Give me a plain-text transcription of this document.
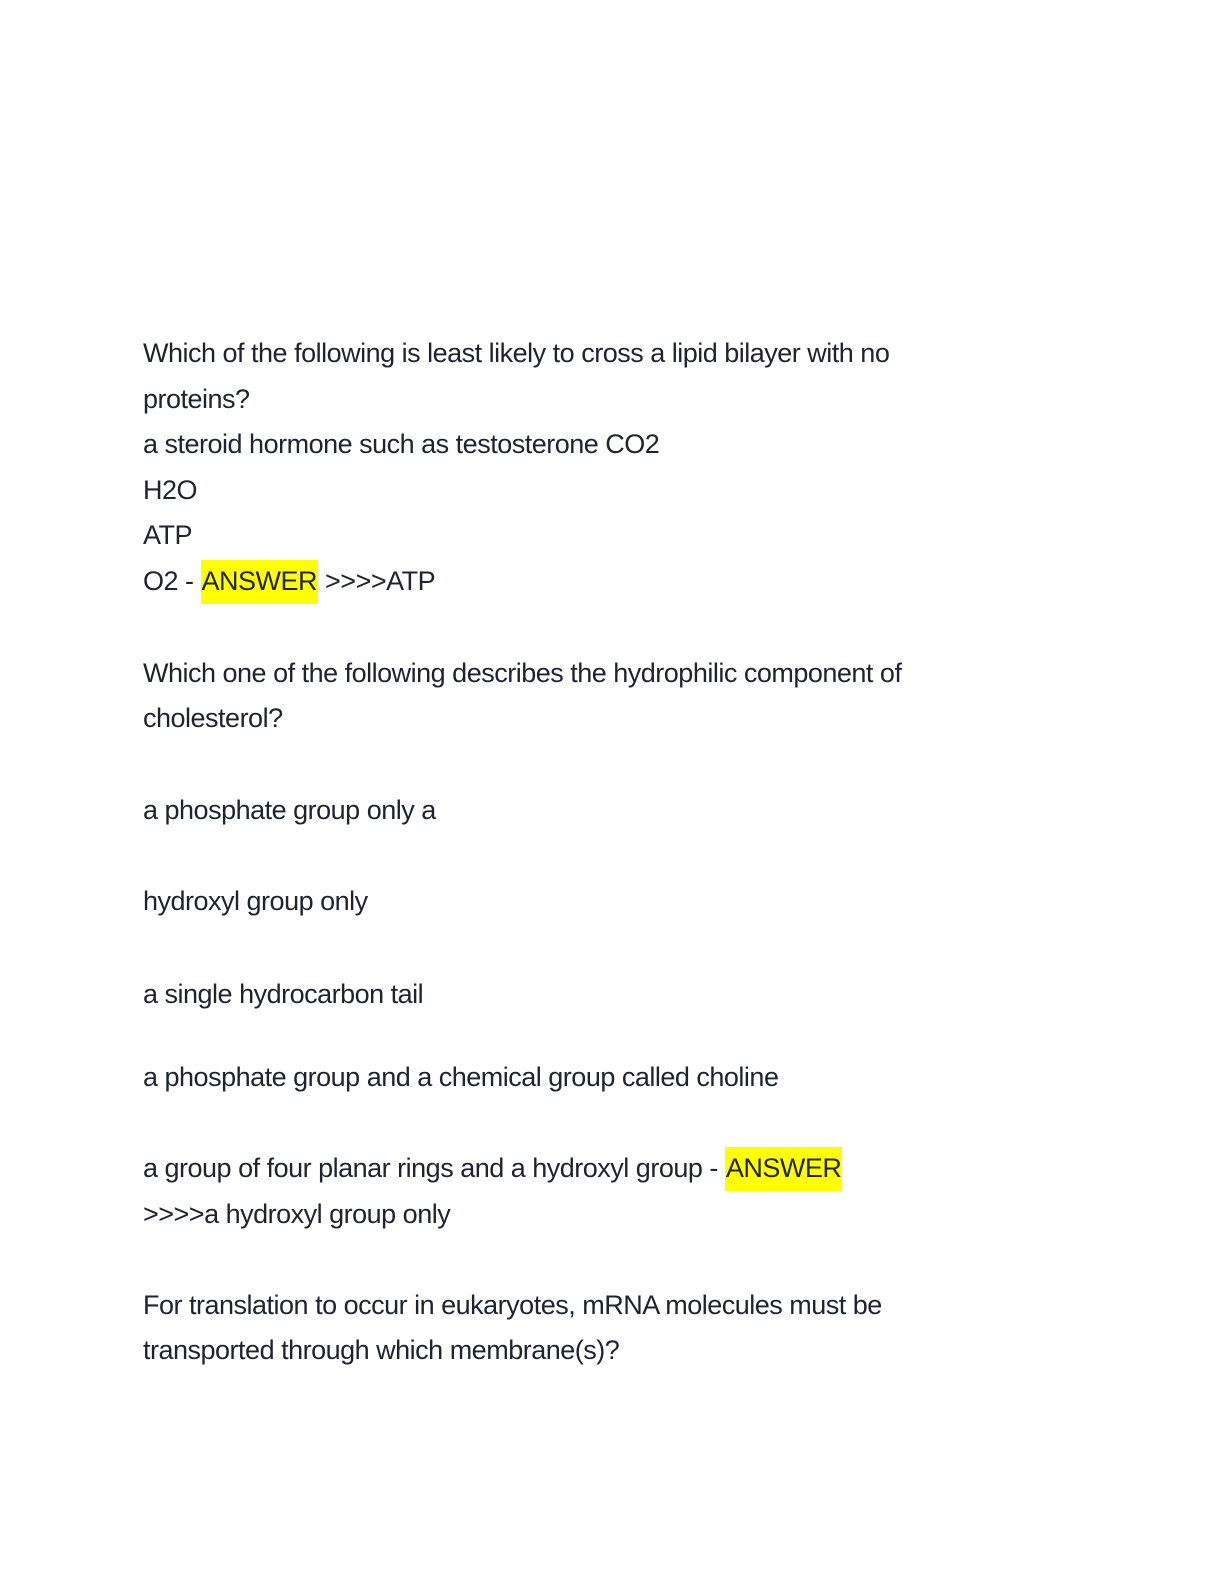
Which of the following is least likely to cross a lipid bilayer with no

proteins?

a steroid hormone such as testosterone CO2

H2O

ATP

O2 - ANSWER >>>>ATP

Which one of the following describes the hydrophilic component of

cholesterol?

a phosphate group only a

hydroxyl group only

a single hydrocarbon tail

a phosphate group and a chemical group called choline

a group of four planar rings and a hydroxyl group - ANSWER

>>>>a hydroxyl group only

For translation to occur in eukaryotes, mRNA molecules must be

transported through which membrane(s)?
